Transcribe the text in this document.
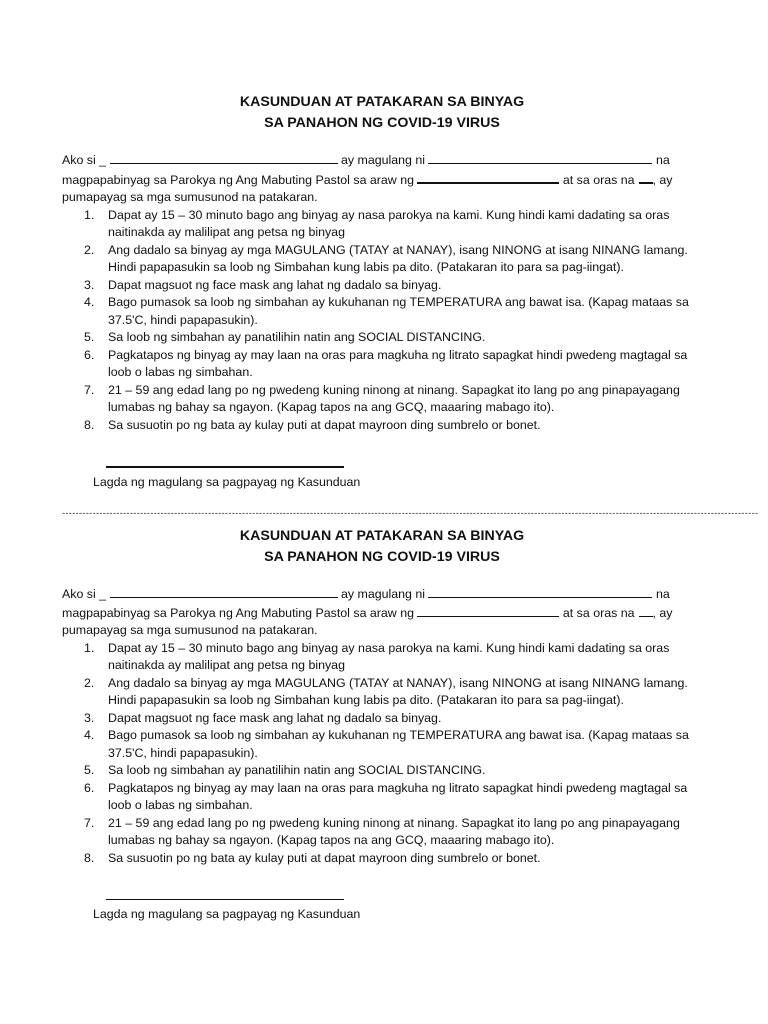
KASUNDUAN AT PATAKARAN SA BINYAG
SA PANAHON NG COVID-19 VIRUS
Ako si _	ay magulang ni	na
magpapabinyag sa Parokya ng Ang Mabuting Pastol sa araw ng	at sa oras na , ay
pumapayag sa mga sumusunod na patakaran.
1. Dapat ay 15 – 30 minuto bago ang binyag ay nasa parokya na kami. Kung hindi kami dadating sa oras naitinakda ay malilipat ang petsa ng binyag
2. Ang dadalo sa binyag ay mga MAGULANG (TATAY at NANAY), isang NINONG at isang NINANG lamang. Hindi papapasukin sa loob ng Simbahan kung labis pa dito. (Patakaran ito para sa pag-iingat).
3. Dapat magsuot ng face mask ang lahat ng dadalo sa binyag.
4. Bago pumasok sa loob ng simbahan ay kukuhanan ng TEMPERATURA ang bawat isa. (Kapag mataas sa 37.5'C, hindi papapasukin).
5. Sa loob ng simbahan ay panatilihin natin ang SOCIAL DISTANCING.
6. Pagkatapos ng binyag ay may laan na oras para magkuha ng litrato sapagkat hindi pwedeng magtagal sa loob o labas ng simbahan.
7. 21 – 59 ang edad lang po ng pwedeng kuning ninong at ninang. Sapagkat ito lang po ang pinapayagang lumabas ng bahay sa ngayon. (Kapag tapos na ang GCQ, maaaring mabago ito).
8. Sa susuotin po ng bata ay kulay puti at dapat mayroon ding sumbrelo or bonet.
Lagda ng magulang sa pagpayag ng Kasunduan
-------------------------------------------------------------------------------------------------------------------------------------------------------------------------------------------------------------
KASUNDUAN AT PATAKARAN SA BINYAG
SA PANAHON NG COVID-19 VIRUS
Ako si _	ay magulang ni	na
magpapabinyag sa Parokya ng Ang Mabuting Pastol sa araw ng	at sa oras na , ay
pumapayag sa mga sumusunod na patakaran.
1. Dapat ay 15 – 30 minuto bago ang binyag ay nasa parokya na kami. Kung hindi kami dadating sa oras naitinakda ay malilipat ang petsa ng binyag
2. Ang dadalo sa binyag ay mga MAGULANG (TATAY at NANAY), isang NINONG at isang NINANG lamang. Hindi papapasukin sa loob ng Simbahan kung labis pa dito. (Patakaran ito para sa pag-iingat).
3. Dapat magsuot ng face mask ang lahat ng dadalo sa binyag.
4. Bago pumasok sa loob ng simbahan ay kukuhanan ng TEMPERATURA ang bawat isa. (Kapag mataas sa 37.5'C, hindi papapasukin).
5. Sa loob ng simbahan ay panatilihin natin ang SOCIAL DISTANCING.
6. Pagkatapos ng binyag ay may laan na oras para magkuha ng litrato sapagkat hindi pwedeng magtagal sa loob o labas ng simbahan.
7. 21 – 59 ang edad lang po ng pwedeng kuning ninong at ninang. Sapagkat ito lang po ang pinapayagang lumabas ng bahay sa ngayon. (Kapag tapos na ang GCQ, maaaring mabago ito).
8. Sa susuotin po ng bata ay kulay puti at dapat mayroon ding sumbrelo or bonet.
Lagda ng magulang sa pagpayag ng Kasunduan
